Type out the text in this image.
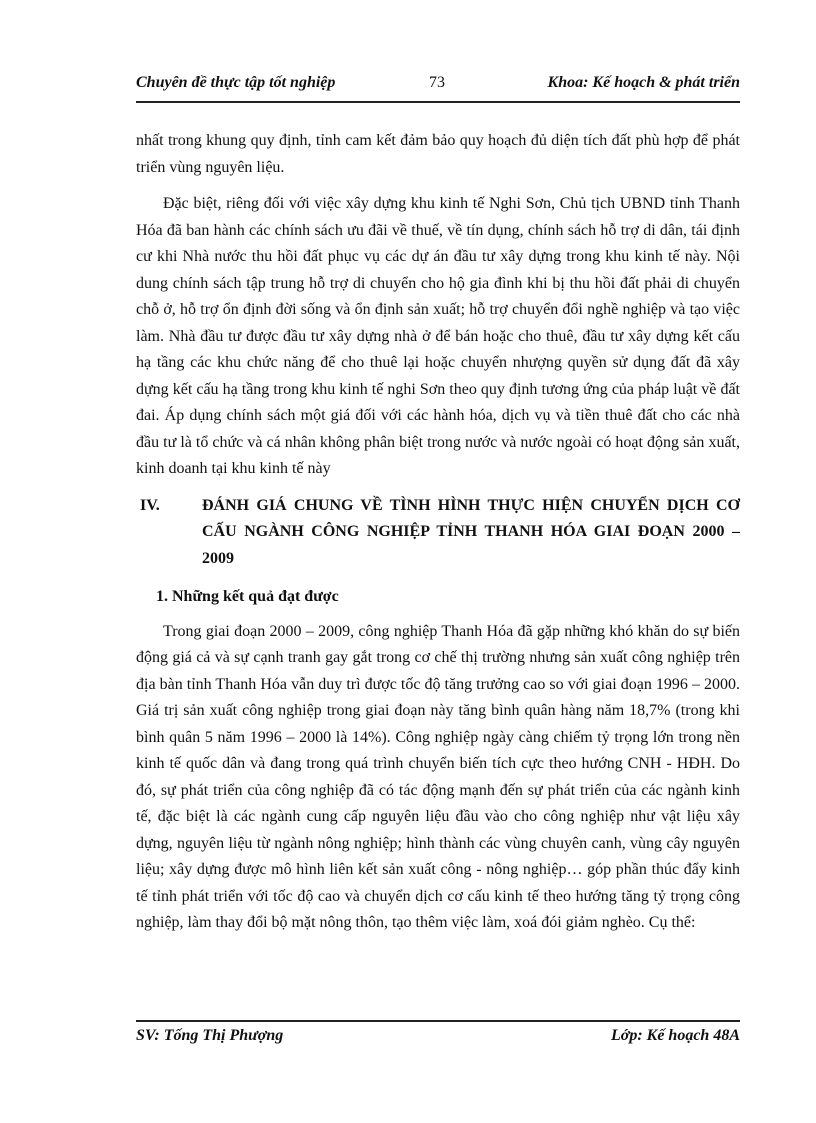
Chuyên đề thực tập tốt nghiệp	73	Khoa: Kế hoạch & phát triển

nhất trong khung quy định, tỉnh cam kết đảm bảo quy hoạch đủ diện tích đất phù hợp để phát triển vùng nguyên liệu.

Đặc biệt, riêng đối với việc xây dựng khu kinh tế Nghi Sơn, Chủ tịch UBND tỉnh Thanh Hóa đã ban hành các chính sách ưu đãi về thuế, về tín dụng, chính sách hỗ trợ di dân, tái định cư khi Nhà nước thu hồi đất phục vụ các dự án đầu tư xây dựng trong khu kinh tế này. Nội dung chính sách tập trung hỗ trợ di chuyển cho hộ gia đình khi bị thu hồi đất phải di chuyển chỗ ở, hỗ trợ ổn định đời sống và ổn định sản xuất; hỗ trợ chuyển đổi nghề nghiệp và tạo việc làm. Nhà đầu tư được đầu tư xây dựng nhà ở để bán hoặc cho thuê, đầu tư xây dựng kết cấu hạ tầng các khu chức năng để cho thuê lại hoặc chuyển nhượng quyền sử dụng đất đã xây dựng kết cấu hạ tầng trong khu kinh tế nghi Sơn theo quy định tương ứng của pháp luật về đất đai. Áp dụng chính sách một giá đối với các hành hóa, dịch vụ và tiền thuê đất cho các nhà đầu tư là tổ chức và cá nhân không phân biệt trong nước và nước ngoài có hoạt động sản xuất, kinh doanh tại khu kinh tế này

IV.	ĐÁNH GIÁ CHUNG VỀ TÌNH HÌNH THỰC HIỆN CHUYỂN DỊCH CƠ CẤU NGÀNH CÔNG NGHIỆP TỈNH THANH HÓA GIAI ĐOẠN 2000 – 2009
1. Những kết quả đạt được

Trong giai đoạn 2000 – 2009, công nghiệp Thanh Hóa đã gặp những khó khăn do sự biến động giá cả và sự cạnh tranh gay gắt trong cơ chế thị trường nhưng sản xuất công nghiệp trên địa bàn tỉnh Thanh Hóa vẫn duy trì được tốc độ tăng trưởng cao so với giai đoạn 1996 – 2000. Giá trị sản xuất công nghiệp trong giai đoạn này tăng bình quân hàng năm 18,7% (trong khi bình quân 5 năm 1996 – 2000 là 14%). Công nghiệp ngày càng chiếm tỷ trọng lớn trong nền kinh tế quốc dân và đang trong quá trình chuyển biến tích cực theo hướng CNH - HĐH. Do đó, sự phát triển của công nghiệp đã có tác động mạnh đến sự phát triển của các ngành kinh tế, đặc biệt là các ngành cung cấp nguyên liệu đầu vào cho công nghiệp như vật liệu xây dựng, nguyên liệu từ ngành nông nghiệp; hình thành các vùng chuyên canh, vùng cây nguyên liệu; xây dựng được mô hình liên kết sản xuất công - nông nghiệp… góp phần thúc đẩy kinh tế tỉnh phát triển với tốc độ cao và chuyển dịch cơ cấu kinh tế theo hướng tăng tỷ trọng công nghiệp, làm thay đổi bộ mặt nông thôn, tạo thêm việc làm, xoá đói giảm nghèo. Cụ thể:

SV: Tống Thị Phượng	Lớp: Kế hoạch 48A
